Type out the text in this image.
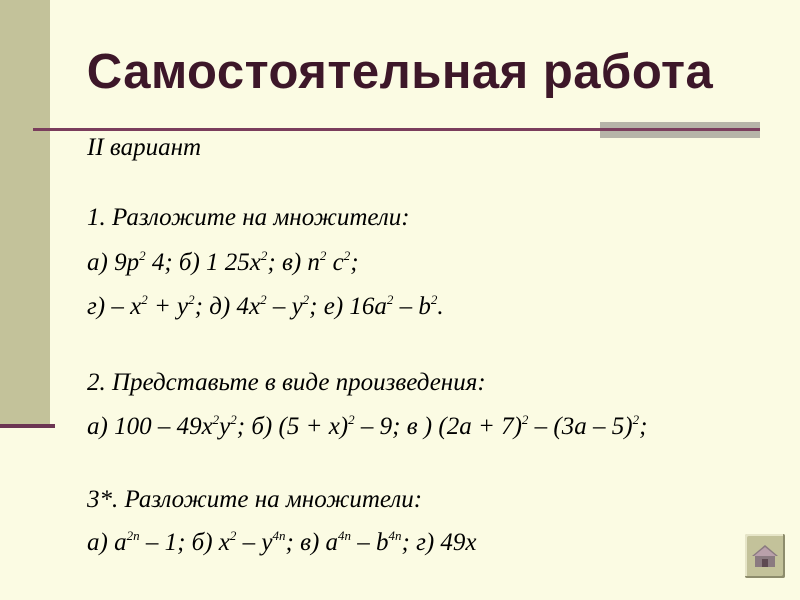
Самостоятельная работа
II вариант
1. Разложите на множители:
а) $9p^2$ 4; б) 1 $25x^2$; в) $n^2$ $c^2$;
$г) - x^2 + y^2$; д) $4x^2 - y^2$; е) $16a^2 - b^2$.
2. Представьте в виде произведения:
а) $100 - 49x^2y^2$; б) $(5 + x)^2 - 9$; в ) $(2a + 7)^2 - (3a - 5)^2$;
3*. Разложите на множители:
а) $a^{2n} - 1$; б) $x^2 - y^{4n}$; в) $a^{4n} - b^{4n}$; г) 49x
